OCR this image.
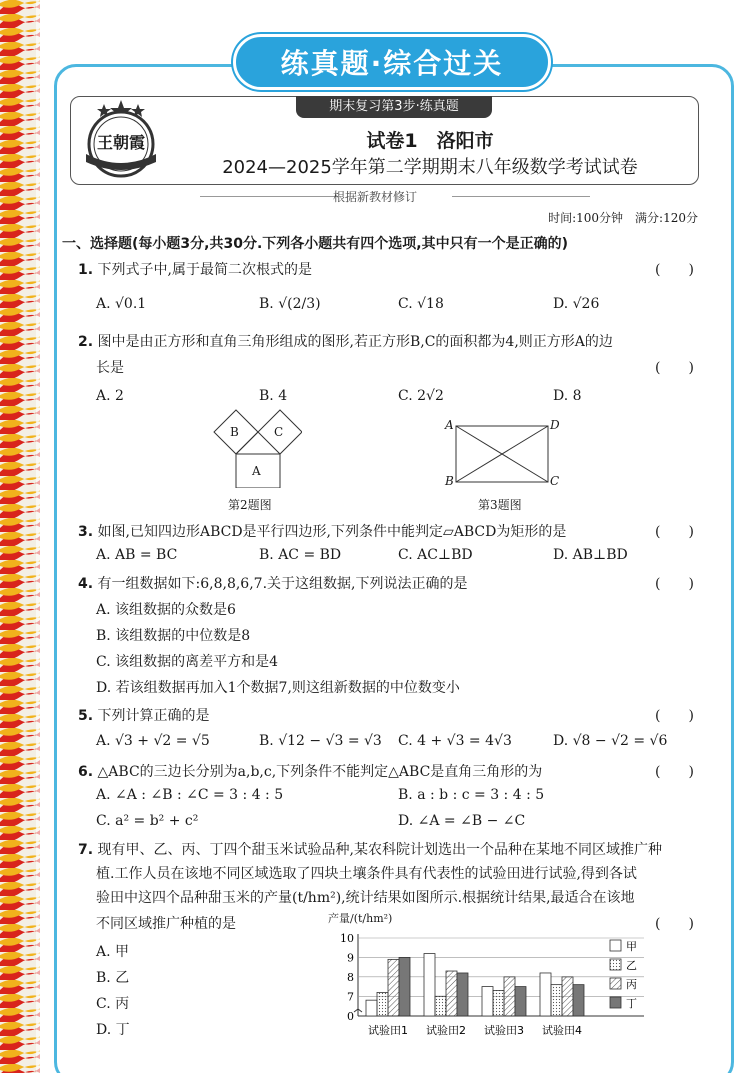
练真题·综合过关
王朝霞
期末复习第3步·练真题
试卷1　洛阳市
2024—2025学年第二学期期末八年级数学考试试卷
根据新教材修订
时间:100分钟　满分:120分
一、选择题(每小题3分,共30分.下列各小题共有四个选项,其中只有一个是正确的)
1. 下列式子中,属于最简二次根式的是	(　　)
A. √0.1	B. √(2/3)	C. √18	D. √26
2. 图中是由正方形和直角三角形组成的图形,若正方形B,C的面积都为4,则正方形A的边
长是	(　　)
A. 2	B. 4	C. 2√2	D. 8
B	C
A
第2题图
A	D
B	C
第3题图
3. 如图,已知四边形ABCD是平行四边形,下列条件中能判定▱ABCD为矩形的是	(　　)
A. AB = BC	B. AC = BD	C. AC⊥BD	D. AB⊥BD
4. 有一组数据如下:6,8,8,6,7.关于这组数据,下列说法正确的是	(　　)
A. 该组数据的众数是6
B. 该组数据的中位数是8
C. 该组数据的离差平方和是4
D. 若该组数据再加入1个数据7,则这组新数据的中位数变小
5. 下列计算正确的是	(　　)
A. √3 + √2 = √5	B. √12 − √3 = √3 C. 4 + √3 = 4√3	D. √8 − √2 = √6
6. △ABC的三边长分别为a,b,c,下列条件不能判定△ABC是直角三角形的为	(　　)
A. ∠A : ∠B : ∠C = 3 : 4 : 5	B. a : b : c = 3 : 4 : 5
C. a² = b² + c²	D. ∠A = ∠B − ∠C
7. 现有甲、乙、丙、丁四个甜玉米试验品种,某农科院计划选出一个品种在某地不同区域推广种
植.工作人员在该地不同区域选取了四块土壤条件具有代表性的试验田进行试验,得到各试
验田中这四个品种甜玉米的产量(t/hm²),统计结果如图所示.根据统计结果,最适合在该地
不同区域推广种植的是	(　　)
A. 甲
B. 乙
C. 丙
D. 丁
0
7
8
9
10
试验田1 试验田2 试验田3 试验田4
甲
乙
丙
丁
产量/(t/hm²)
